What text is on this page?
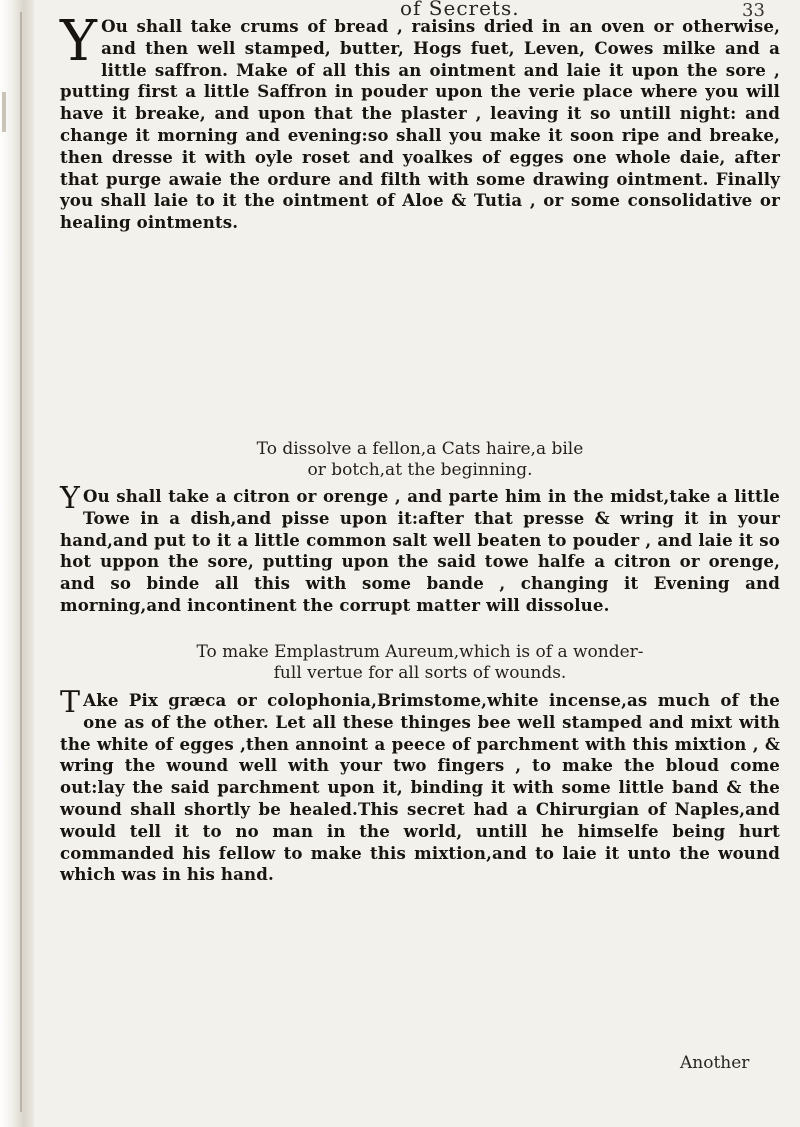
of Secrets.	33
Y Ou shall take crums of bread , raisins dried in an oven or otherwise, and then well stamped, butter, Hogs fuet, Leven, Cowes milke and a little saffron. Make of all this an ointment and laie it upon the sore , putting first a little Saffron in pouder upon the verie place where you will have it breake, and upon that the plaster , leaving it so untill night: and change it morning and evening:so shall you make it soon ripe and breake, then dresse it with oyle roset and yoalkes of egges one whole daie, after that purge awaie the ordure and filth with some drawing ointment. Finally you shall laie to it the ointment of Aloe & Tutia , or some consolidative or healing ointments.
To dissolve a fellon,a Cats haire,a bile
or botch,at the beginning.
Y Ou shall take a citron or orenge , and parte him in the midst,take a little Towe in a dish,and pisse upon it:after that presse & wring it in your hand,and put to it a little common salt well beaten to pouder , and laie it so hot uppon the sore, putting upon the said towe halfe a citron or orenge, and so binde all this with some bande , changing it Evening and morning,and incontinent the corrupt matter will dissolue.
To make Emplastrum Aureum,which is of a wonder-
full vertue for all sorts of wounds.
T Ake Pix græca or colophonia,Brimstome,white incense,as much of the one as of the other. Let all these thinges bee well stamped and mixt with the white of egges ,then annoint a peece of parchment with this mixtion , & wring the wound well with your two fingers , to make the bloud come out:lay the said parchment upon it, binding it with some little band & the wound shall shortly be healed.This secret had a Chirurgian of Naples,and would tell it to no man in the world, untill he himselfe being hurt commanded his fellow to make this mixtion,and to laie it unto the wound which was in his hand.
Another
